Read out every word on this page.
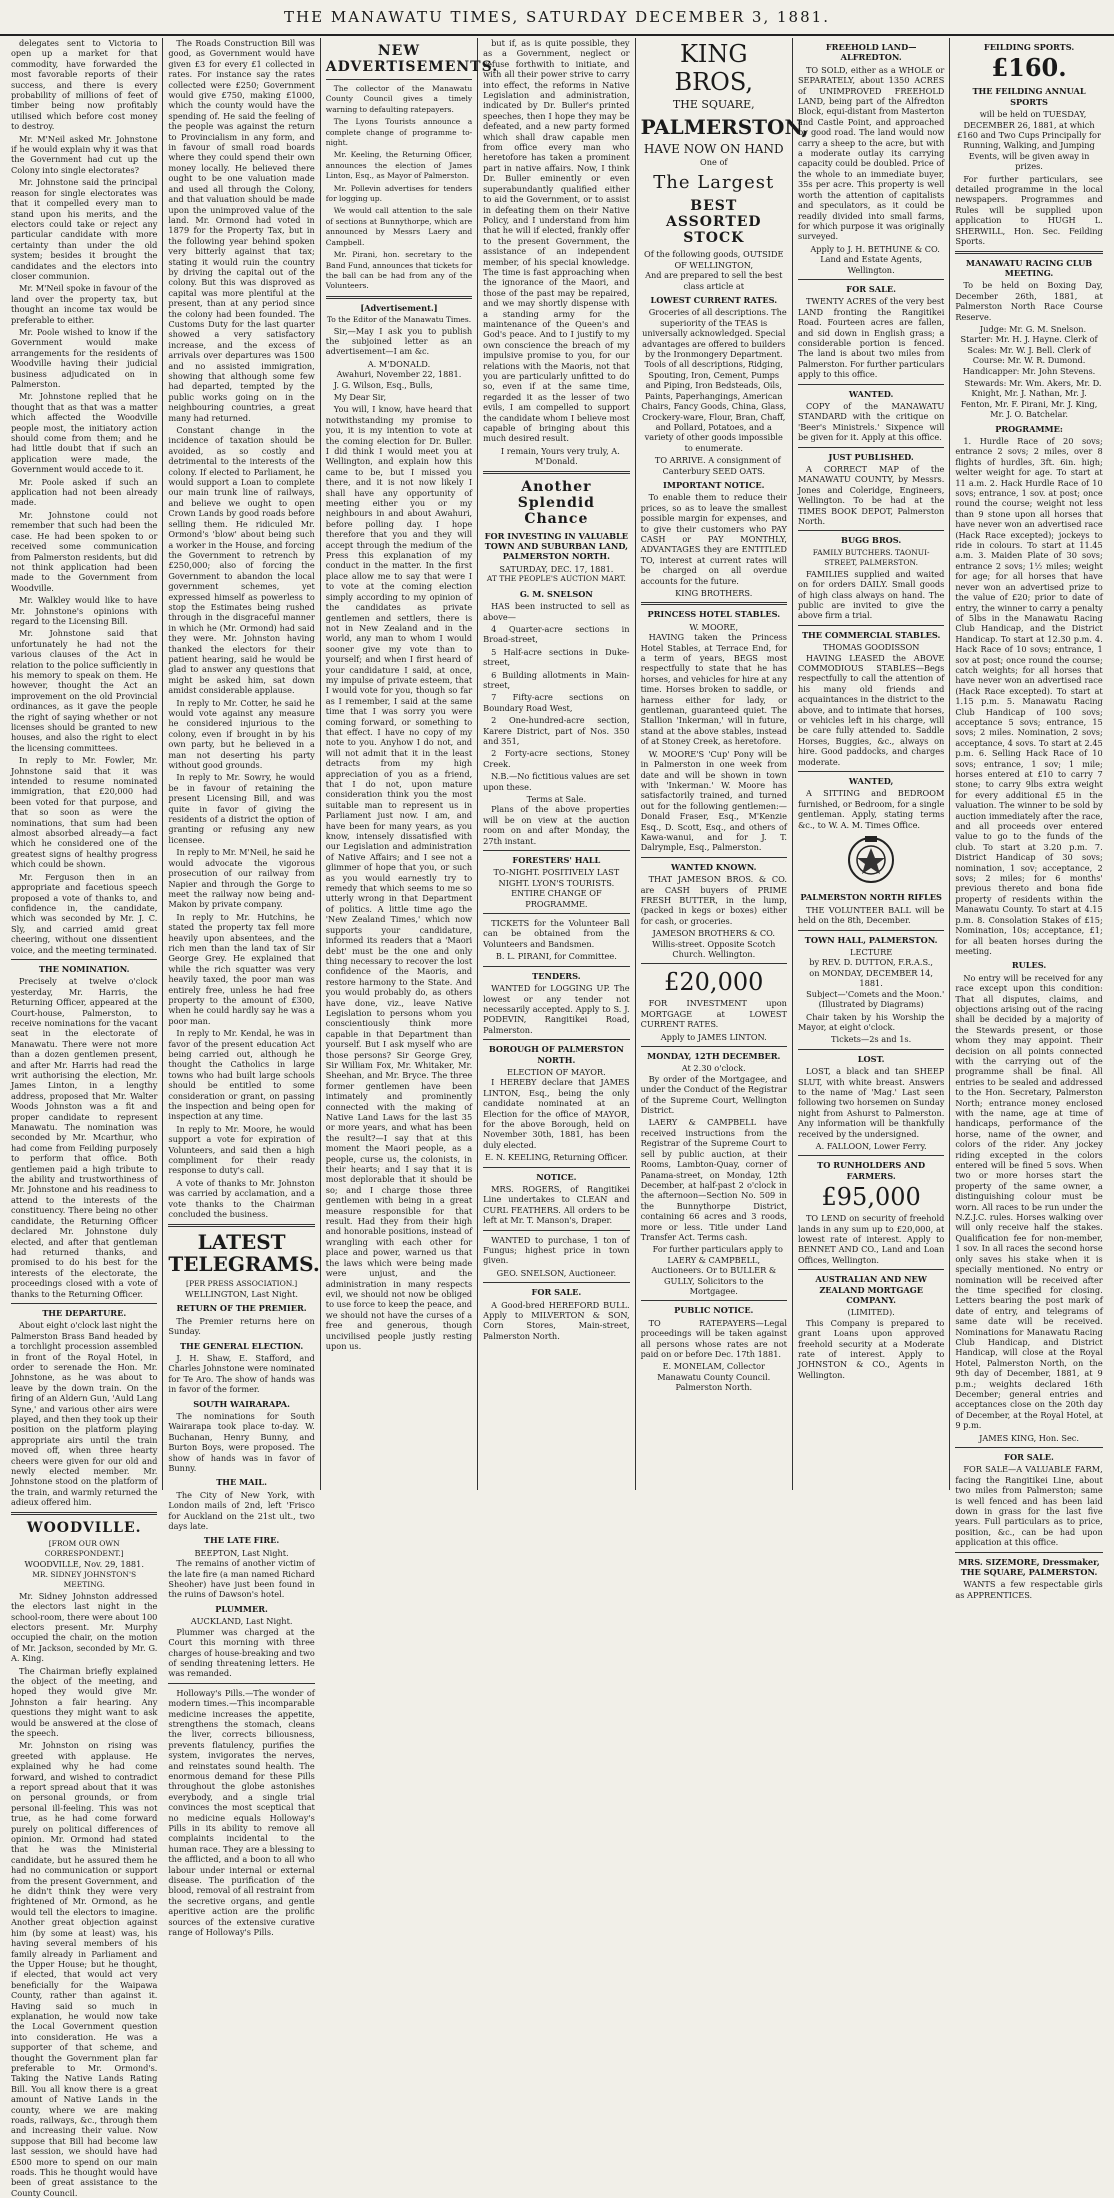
THE MANAWATU TIMES, SATURDAY DECEMBER 3, 1881.

delegates sent to Victoria to open up a market for that commodity, have forwarded the most favorable reports of their success, and there is every probability of millions of feet of timber being now profitably utilised which before cost money to destroy.

Mr. M'Neil asked Mr. Johnstone if he would explain why it was that the Government had cut up the Colony into single electorates?

Mr. Johnstone said the principal reason for single electorates was that it compelled every man to stand upon his merits, and the electors could take or reject any particular candidate with more certainty than under the old system; besides it brought the candidates and the electors into closer communion.

Mr. M'Neil spoke in favour of the land over the property tax, but thought an income tax would be preferable to either.

Mr. Poole wished to know if the Government would make arrangements for the residents of Woodville having their judicial business adjudicated on in Palmerston.

Mr. Johnstone replied that he thought that as that was a matter which affected the Woodville people most, the initiatory action should come from them; and he had little doubt that if such an application were made, the Government would accede to it.

Mr. Poole asked if such an application had not been already made.

Mr. Johnstone could not remember that such had been the case. He had been spoken to or received some communication from Palmerston residents, but did not think application had been made to the Government from Woodville.

Mr. Walkley would like to have Mr. Johnstone's opinions with regard to the Licensing Bill.

Mr. Johnstone said that unfortunately he had not the various clauses of the Act in relation to the police sufficiently in his memory to speak on them. He however, thought the Act an improvement on the old Provincial ordinances, as it gave the people the right of saying whether or not licenses should be granted to new houses, and also the right to elect the licensing committees.

In reply to Mr. Fowler, Mr. Johnstone said that it was intended to resume nominated immigration, that £20,000 had been voted for that purpose, and that so soon as were the nominations, that sum had been almost absorbed already—a fact which he considered one of the greatest signs of healthy progress which could be shown.

Mr. Ferguson then in an appropriate and facetious speech proposed a vote of thanks to, and confidence in, the candidate, which was seconded by Mr. J. C. Sly, and carried amid great cheering, without one dissentient voice, and the meeting terminated.

THE NOMINATION.

Precisely at twelve o'clock yesterday, Mr. Harris, the Returning Officer, appeared at the Court-house, Palmerston, to receive nominations for the vacant seat in the electorate of Manawatu. There were not more than a dozen gentlemen present, and after Mr. Harris had read the writ authorising the election, Mr. James Linton, in a lengthy address, proposed that Mr. Walter Woods Johnston was a fit and proper candidate to represent Manawatu. The nomination was seconded by Mr. Mcarthur, who had come from Feilding purposely to perform that office. Both gentlemen paid a high tribute to the ability and trustworthiness of Mr. Johnstone and his readiness to attend to the interests of the constituency. There being no other candidate, the Returning Officer declared Mr. Johnstone duly elected, and after that gentleman had returned thanks, and promised to do his best for the interests of the electorate, the proceedings closed with a vote of thanks to the Returning Officer.

THE DEPARTURE.

About eight o'clock last night the Palmerston Brass Band headed by a torchlight procession assembled in front of the Royal Hotel, in order to serenade the Hon. Mr. Johnstone, as he was about to leave by the down train. On the firing of an Aldern Gun, 'Auld Lang Syne,' and various other airs were played, and then they took up their position on the platform playing appropriate airs until the train moved off, when three hearty cheers were given for our old and newly elected member. Mr. Johnstone stood on the platform of the train, and warmly returned the adieux offered him.

WOODVILLE.
[FROM OUR OWN CORRESPONDENT.]
WOODVILLE, Nov. 29, 1881.
MR. SIDNEY JOHNSTON'S MEETING.

Mr. Sidney Johnston addressed the electors last night in the school-room, there were about 100 electors present. Mr. Murphy occupied the chair, on the motion of Mr. Jackson, seconded by Mr. G. A. King.

The Chairman briefly explained the object of the meeting, and hoped they would give Mr. Johnston a fair hearing. Any questions they might want to ask would be answered at the close of the speech.

Mr. Johnston on rising was greeted with applause. He explained why he had come forward, and wished to contradict a report spread about that it was on personal grounds, or from personal ill-feeling. This was not true, as he had come forward purely on political differences of opinion. Mr. Ormond had stated that he was the Ministerial candidate, but he assured them he had no communication or support from the present Government, and he didn't think they were very frightened of Mr. Ormond, as he would tell the electors to imagine. Another great objection against him (by some at least) was, his having several members of his family already in Parliament and the Upper House; but he thought, if elected, that would act very beneficially for the Waipawa County, rather than against it. Having said so much in explanation, he would now take the Local Government question into consideration. He was a supporter of that scheme, and thought the Government plan far preferable to Mr. Ormond's. Taking the Native Lands Rating Bill. You all know there is a great amount of Native Lands in the county, where we are making roads, railways, &c., through them and increasing their value. Now suppose that Bill had become law last session, we should have had £500 more to spend on our main roads. This he thought would have been of great assistance to the County Council.

The Roads Construction Bill was good, as Government would have given £3 for every £1 collected in rates. For instance say the rates collected were £250; Government would give £750, making £1000, which the county would have the spending of. He said the feeling of the people was against the return to Provincialism in any form, and in favour of small road boards where they could spend their own money locally. He believed there ought to be one valuation made and used all through the Colony, and that valuation should be made upon the unimproved value of the land. Mr. Ormond had voted in 1879 for the Property Tax, but in the following year behind spoken very bitterly against that tax; stating it would ruin the country by driving the capital out of the colony. But this was disproved as capital was more plentiful at the present, than at any period since the colony had been founded. The Customs Duty for the last quarter showed a very satisfactory increase, and the excess of arrivals over departures was 1500 and no assisted immigration, showing that although some few had departed, tempted by the public works going on in the neighbouring countries, a great many had returned.

Constant change in the incidence of taxation should be avoided, as so costly and detrimental to the interests of the colony. If elected to Parliament, he would support a Loan to complete our main trunk line of railways, and believe we ought to open Crown Lands by good roads before selling them. He ridiculed Mr. Ormond's 'blow' about being such a worker in the House, and forcing the Government to retrench by £250,000; also of forcing the Government to abandon the local government schemes, yet expressed himself as powerless to stop the Estimates being rushed through in the disgraceful manner in which he (Mr. Ormond) had said they were. Mr. Johnston having thanked the electors for their patient hearing, said he would be glad to answer any questions that might be asked him, sat down amidst considerable applause.

In reply to Mr. Cotter, he said he would vote against any measure he considered injurious to the colony, even if brought in by his own party, but he believed in a man not deserting his party without good grounds.

In reply to Mr. Sowry, he would be in favour of retaining the present Licensing Bill, and was quite in favor of giving the residents of a district the option of granting or refusing any new licensee.

In reply to Mr. M'Neil, he said he would advocate the vigorous prosecution of our railway from Napier and through the Gorge to meet the railway now being and-Makon by private company.

In reply to Mr. Hutchins, he stated the property tax fell more heavily upon absentees, and the rich men than the land tax of Sir George Grey. He explained that while the rich squatter was very heavily taxed, the poor man was entirely free, unless he had free property to the amount of £300, when he could hardly say he was a poor man.

In reply to Mr. Kendal, he was in favor of the present education Act being carried out, although he thought the Catholics in large towns who had built large schools should be entitled to some consideration or grant, on passing the inspection and being open for inspection at any time.

In reply to Mr. Moore, he would support a vote for expiration of Volunteers, and said then a high compliment for their ready response to duty's call.

A vote of thanks to Mr. Johnston was carried by acclamation, and a vote thanks to the Chairman concluded the business.

LATEST TELEGRAMS.
[PER PRESS ASSOCIATION.]
WELLINGTON, Last Night.
RETURN OF THE PREMIER.

The Premier returns here on Sunday.

THE GENERAL ELECTION.

J. H. Shaw, E. Stafford, and Charles Johnstone were nominated for Te Aro. The show of hands was in favor of the former.

SOUTH WAIRARAPA.

The nominations for South Wairarapa took place to-day. W. Buchanan, Henry Bunny, and Burton Boys, were proposed. The show of hands was in favor of Bunny.

THE MAIL.

The City of New York, with London mails of 2nd, left 'Frisco for Auckland on the 21st ult., two days late.

THE LATE FIRE.
BEEPTON, Last Night.

The remains of another victim of the late fire (a man named Richard Sheoher) have just been found in the ruins of Dawson's hotel.

PLUMMER.
AUCKLAND, Last Night.

Plummer was charged at the Court this morning with three charges of house-breaking and two of sending threatening letters. He was remanded.

Holloway's Pills.—The wonder of modern times.—This incomparable medicine increases the appetite, strengthens the stomach, cleans the liver, corrects biliousness, prevents flatulency, purifies the system, invigorates the nerves, and reinstates sound health. The enormous demand for these Pills throughout the globe astonishes everybody, and a single trial convinces the most sceptical that no medicine equals Holloway's Pills in its ability to remove all complaints incidental to the human race. They are a blessing to the afflicted, and a boon to all who labour under internal or external disease. The purification of the blood, removal of all restraint from the secretive organs, and gentle aperitive action are the prolific sources of the extensive curative range of Holloway's Pills.

NEW ADVERTISEMENTS.

The collector of the Manawatu County Council gives a timely warning to defaulting ratepayers.

The Lyons Tourists announce a complete change of programme to-night.

Mr. Keeling, the Returning Officer, announces the election of James Linton, Esq., as Mayor of Palmerston.

Mr. Pollevin advertises for tenders for logging up.

We would call attention to the sale of sections at Bunnythorpe, which are announced by Messrs Laery and Campbell.

Mr. Pirani, hon. secretary to the Band Fund, announces that tickets for the ball can be had from any of the Volunteers.

[Advertisement.]
To the Editor of the Manawatu Times.

Sir,—May I ask you to publish the subjoined letter as an advertisement—I am &c.

A. M'DONALD.
Awahuri, November 22, 1881.

J. G. Wilson, Esq., Bulls,

My Dear Sir,

You will, I know, have heard that notwithstanding my promise to you, it is my intention to vote at the coming election for Dr. Buller. I did think I would meet you at Wellington, and explain how this came to be, but I missed you there, and it is not now likely I shall have any opportunity of meeting either you or my neighbours in and about Awahuri, before polling day. I hope therefore that you and they will accept through the medium of the Press this explanation of my conduct in the matter. In the first place allow me to say that were I to vote at the coming election simply according to my opinion of the candidates as private gentlemen and settlers, there is not in New Zealand and in the world, any man to whom I would sooner give my vote than to yourself; and when I first heard of your candidature I said, at once, my impulse of private esteem, that I would vote for you, though so far as I remember, I said at the same time that I was sorry you were coming forward, or something to that effect. I have no copy of my note to you. Anyhow I do not, and will not admit that it in the least detracts from my high appreciation of you as a friend, that I do not, upon mature consideration think you the most suitable man to represent us in Parliament just now. I am, and have been for many years, as you know, intensely dissatisfied with our Legislation and administration of Native Affairs; and I see not a glimmer of hope that you, or such as you would earnestly try to remedy that which seems to me so utterly wrong in that Department of politics. A little time ago the 'New Zealand Times,' which now supports your candidature, informed its readers that a 'Maori debt' must be the one and only thing necessary to recover the lost confidence of the Maoris, and restore harmony to the State. And you would probably do, as others have done, viz., leave Native Legislation to persons whom you conscientiously think more capable in that Department than yourself. But I ask myself who are those persons? Sir George Grey, Sir William Fox, Mr. Whitaker, Mr. Sheehan, and Mr. Bryce. The three former gentlemen have been intimately and prominently connected with the making of Native Land Laws for the last 35 or more years, and what has been the result?—I say that at this moment the Maori people, as a people, curse us, the colonists, in their hearts; and I say that it is most deplorable that it should be so; and I charge those three gentlemen with being in a great measure responsible for that result. Had they from their high and honorable positions, instead of wrangling with each other for place and power, warned us that the laws which were being made were unjust, and the administration in many respects evil, we should not now be obliged to use force to keep the peace, and we should not have the curses of a free and generous, though uncivilised people justly resting upon us.

but if, as is quite possible, they as a Government, neglect or refuse forthwith to initiate, and with all their power strive to carry into effect, the reforms in Native Legislation and administration, indicated by Dr. Buller's printed speeches, then I hope they may be defeated, and a new party formed which shall draw capable men from office every man who heretofore has taken a prominent part in native affairs. Now, I think Dr. Buller eminently or even superabundantly qualified either to aid the Government, or to assist in defeating them on their Native Policy, and I understand from him that he will if elected, frankly offer to the present Government, the assistance of an independent member, of his special knowledge. The time is fast approaching when the ignorance of the Maori, and those of the past may be repaired, and we may shortly dispense with a standing army for the maintenance of the Queen's and God's peace. And to I justify to my own conscience the breach of my impulsive promise to you, for our relations with the Maoris, not that you are particularly unfitted to do so, even if at the same time, regarded it as the lesser of two evils, I am compelled to support the candidate whom I believe most capable of bringing about this much desired result.

I remain, Yours very truly, A. M'Donald.

Another Splendid Chance
FOR INVESTING IN VALUABLE TOWN AND SUBURBAN LAND, PALMERSTON NORTH.
SATURDAY, DEC. 17, 1881.
AT THE PEOPLE'S AUCTION MART.
G. M. SNELSON

HAS been instructed to sell as above—

4 Quarter-acre sections in Broad-street,

5 Half-acre sections in Duke-street,

6 Building allotments in Main-street,

7 Fifty-acre sections on Boundary Road West,

2 One-hundred-acre section, Karere District, part of Nos. 350 and 351,

2 Forty-acre sections, Stoney Creek.

N.B.—No fictitious values are set upon these.

Terms at Sale.

Plans of the above properties will be on view at the auction room on and after Monday, the 27th instant.

FORESTERS' HALL
TO-NIGHT. POSITIVELY LAST NIGHT. LYON'S TOURISTS. ENTIRE CHANGE OF PROGRAMME.

TICKETS for the Volunteer Ball can be obtained from the Volunteers and Bandsmen.

B. L. PIRANI, for Committee.
TENDERS.

WANTED for LOGGING UP. The lowest or any tender not necessarily accepted. Apply to S. J. PODEVIN, Rangitikei Road, Palmerston.

BOROUGH OF PALMERSTON NORTH.
ELECTION OF MAYOR.

I HEREBY declare that JAMES LINTON, Esq., being the only candidate nominated at an Election for the office of MAYOR, for the above Borough, held on November 30th, 1881, has been duly elected.

E. N. KEELING, Returning Officer.
NOTICE.

MRS. ROGERS, of Rangitikei Line undertakes to CLEAN and CURL FEATHERS. All orders to be left at Mr. T. Manson's, Draper.

WANTED to purchase, 1 ton of Fungus; highest price in town given.

GEO. SNELSON, Auctioneer.
FOR SALE.

A Good-bred HEREFORD BULL. Apply to MILVERTON & SON, Corn Stores, Main-street, Palmerston North.

KING BROS,
THE SQUARE,
PALMERSTON,
HAVE NOW ON HAND
One of
The Largest
BEST ASSORTED STOCK
Of the following goods, OUTSIDE OF WELLINGTON,
And are prepared to sell the best class article at
LOWEST CURRENT RATES.

Groceries of all descriptions. The superiority of the TEAS is universally acknowledged. Special advantages are offered to builders by the Ironmongery Department. Tools of all descriptions, Ridging, Spouting, Iron, Cement, Pumps and Piping, Iron Bedsteads, Oils, Paints, Paperhangings, American Chairs, Fancy Goods, China, Glass, Crockery-ware, Flour, Bran, Chaff, and Pollard, Potatoes, and a variety of other goods impossible to enumerate.

TO ARRIVE. A consignment of Canterbury SEED OATS.

IMPORTANT NOTICE.

To enable them to reduce their prices, so as to leave the smallest possible margin for expenses, and to give their customers who PAY CASH or PAY MONTHLY, ADVANTAGES they are ENTITLED TO, interest at current rates will be charged on all overdue accounts for the future.

KING BROTHERS.
PRINCESS HOTEL STABLES.
W. MOORE,

HAVING taken the Princess Hotel Stables, at Terrace End, for a term of years, BEGS most respectfully to state that he has horses, and vehicles for hire at any time. Horses broken to saddle, or harness either for lady, or gentleman, guaranteed quiet. The Stallion 'Inkerman,' will in future, stand at the above stables, instead of at Stoney Creek, as heretofore.

W. MOORE'S 'Cup' Pony will be in Palmerston in one week from date and will be shown in town with 'Inkerman.' W. Moore has satisfactorily trained, and turned out for the following gentlemen:—Donald Fraser, Esq., M'Kenzie Esq., D. Scott, Esq., and others of Kawa-wanui, and for J. T. Dalrymple, Esq., Palmerston.

WANTED KNOWN.

THAT JAMESON BROS. & CO. are CASH buyers of PRIME FRESH BUTTER, in the lump, (packed in kegs or boxes) either for cash, or groceries.

JAMESON BROTHERS & CO. Willis-street. Opposite Scotch Church. Wellington.
£20,000

FOR INVESTMENT upon MORTGAGE at LOWEST CURRENT RATES.

Apply to JAMES LINTON.
MONDAY, 12TH DECEMBER.
At 2.30 o'clock.

By order of the Mortgagee, and under the Conduct of the Registrar of the Supreme Court, Wellington District.

LAERY & CAMPBELL have received instructions from the Registrar of the Supreme Court to sell by public auction, at their Rooms, Lambton-Quay, corner of Panama-street, on Monday, 12th December, at half-past 2 o'clock in the afternoon—Section No. 509 in the Bunnythorpe District, containing 66 acres and 3 roods, more or less. Title under Land Transfer Act. Terms cash.

For further particulars apply to LAERY & CAMPBELL, Auctioneers. Or to BULLER & GULLY, Solicitors to the Mortgagee.

PUBLIC NOTICE.

TO RATEPAYERS—Legal proceedings will be taken against all persons whose rates are not paid on or before Dec. 17th 1881.

E. MONELAM, Collector Manawatu County Council. Palmerston North.
FREEHOLD LAND—ALFREDTON.

TO SOLD, either as a WHOLE or SEPARATELY, about 1350 ACRES of UNIMPROVED FREEHOLD LAND, being part of the Alfredton Block, equi-distant from Masterton and Castle Point, and approached by good road. The land would now carry a sheep to the acre, but with a moderate outlay its carrying capacity could be doubled. Price of the whole to an immediate buyer, 35s per acre. This property is well worth the attention of capitalists and speculators, as it could be readily divided into small farms, for which purpose it was originally surveyed.

Apply to J. H. BETHUNE & CO. Land and Estate Agents, Wellington.

FOR SALE.

TWENTY ACRES of the very best LAND fronting the Rangitikei Road. Fourteen acres are fallen, and sid down in English grass; a considerable portion is fenced. The land is about two miles from Palmerston. For further particulars apply to this office.

WANTED.

COPY of the MANAWATU STANDARD with the critique on 'Beer's Ministrels.' Sixpence will be given for it. Apply at this office.

JUST PUBLISHED.

A CORRECT MAP of the MANAWATU COUNTY, by Messrs. Jones and Coleridge, Engineers, Wellington. To be had at the TIMES BOOK DEPOT, Palmerston North.

BUGG BROS.
FAMILY BUTCHERS. TAONUI-STREET, PALMERSTON.

FAMILIES supplied and waited on for orders DAILY. Small goods of high class always on hand. The public are invited to give the above firm a trial.

THE COMMERCIAL STABLES.
THOMAS GOODISSON

HAVING LEASED the ABOVE COMMODIOUS STABLES—Begs respectfully to call the attention of his many old friends and acquaintances in the district to the above, and to intimate that horses, or vehicles left in his charge, will be care fully attended to. Saddle Horses, Buggies, &c., always on hire. Good paddocks, and charges moderate.

WANTED,

A SITTING and BEDROOM furnished, or Bedroom, for a single gentleman. Apply, stating terms &c., to W. A. M. Times Office.

PALMERSTON NORTH RIFLES

THE VOLUNTEER BALL will be held on the 8th, December.

TOWN HALL, PALMERSTON.
LECTURE
by REV. D. DUTTON, F.R.A.S.,
on MONDAY, DECEMBER 14, 1881.

Subject—'Comets and the Moon.' (Illustrated by Diagrams)

Chair taken by his Worship the Mayor, at eight o'clock.

Tickets—2s and 1s.
LOST.

LOST, a black and tan SHEEP SLUT, with white breast. Answers to the name of 'Mag.' Last seen following two horsemen on Sunday night from Ashurst to Palmerston. Any information will be thankfully received by the undersigned.

A. FALLOON, Lower Ferry.
TO RUNHOLDERS AND FARMERS.
£95,000

TO LEND on security of freehold lands in any sum up to £20,000, at lowest rate of interest. Apply to BENNET AND CO., Land and Loan Offices, Wellington.

AUSTRALIAN AND NEW ZEALAND MORTGAGE COMPANY.
(LIMITED).

This Company is prepared to grant Loans upon approved freehold security at a Moderate rate of interest. Apply to JOHNSTON & CO., Agents in Wellington.

FEILDING SPORTS.
£160.
THE FEILDING ANNUAL SPORTS

will be held on TUESDAY, DECEMBER 26, 1881, at which £160 and Two Cups Principally for Running, Walking, and Jumping Events, will be given away in prizes.

For further particulars, see detailed programme in the local newspapers. Programmes and Rules will be supplied upon application to HUGH L. SHERWILL, Hon. Sec. Feilding Sports.

MANAWATU RACING CLUB MEETING.

To be held on Boxing Day, December 26th, 1881, at Palmerston North Race Course Reserve.

Judge: Mr. G. M. Snelson. Starter: Mr. H. J. Hayne. Clerk of Scales: Mr. W. J. Bell. Clerk of Course: Mr. W. R. Dumond. Handicapper: Mr. John Stevens.

Stewards: Mr. Wm. Akers, Mr. D. Knight, Mr. J. Nathan, Mr. J. Fenton, Mr. F. Pirani, Mr. J. King, Mr. J. O. Batchelar.

PROGRAMME:

1. Hurdle Race of 20 sovs; entrance 2 sovs; 2 miles, over 8 flights of hurdles, 3ft. 6in. high; welter weight for age. To start at 11 a.m. 2. Hack Hurdle Race of 10 sovs; entrance, 1 sov. at post; once round the course; weight not less than 9 stone upon all horses that have never won an advertised race (Hack Race excepted); jockeys to ride in colours. To start at 11.45 a.m. 3. Maiden Plate of 30 sovs; entrance 2 sovs; 1½ miles; weight for age; for all horses that have never won an advertised prize to the value of £20; prior to date of entry, the winner to carry a penalty of 5lbs in the Manawatu Racing Club Handicap, and the District Handicap. To start at 12.30 p.m. 4. Hack Race of 10 sovs; entrance, 1 sov at post; once round the course; catch weights; for all horses that have never won an advertised race (Hack Race excepted). To start at 1.15 p.m. 5. Manawatu Racing Club Handicap of 100 sovs; acceptance 5 sovs; entrance, 15 sovs; 2 miles. Nomination, 2 sovs; acceptance, 4 sovs. To start at 2.45 p.m. 6. Selling Hack Race of 10 sovs; entrance, 1 sov; 1 mile; horses entered at £10 to carry 7 stone; to carry 9lbs extra weight for every additional £5 in the valuation. The winner to be sold by auction immediately after the race, and all proceeds over entered value to go to the funds of the club. To start at 3.20 p.m. 7. District Handicap of 30 sovs; nomination, 1 sov; acceptance, 2 sovs; 2 miles; for 6 months' previous thereto and bona fide property of residents within the Manawatu County. To start at 4.15 p.m. 8. Consolation Stakes of £15; Nomination, 10s; acceptance, £1; for all beaten horses during the meeting.

RULES.

No entry will be received for any race except upon this condition: That all disputes, claims, and objections arising out of the racing shall be decided by a majority of the Stewards present, or those whom they may appoint. Their decision on all points connected with the carrying out of the programme shall be final. All entries to be sealed and addressed to the Hon. Secretary, Palmerston North; entrance money enclosed with the name, age at time of handicaps, performance of the horse, name of the owner, and colors of the rider. Any jockey riding excepted in the colors entered will be fined 5 sovs. When two or more horses start the property of the same owner, a distinguishing colour must be worn. All races to be run under the N.Z.J.C. rules. Horses walking over will only receive half the stakes. Qualification fee for non-member, 1 sov. In all races the second horse only saves his stake when it is specially mentioned. No entry or nomination will be received after the time specified for closing. Letters bearing the post mark of date of entry, and telegrams of same date will be received. Nominations for Manawatu Racing Club Handicap, and District Handicap, will close at the Royal Hotel, Palmerston North, on the 9th day of December, 1881, at 9 p.m.; weights declared 16th December; general entries and acceptances close on the 20th day of December, at the Royal Hotel, at 9 p.m.

JAMES KING, Hon. Sec.
FOR SALE.

FOR SALE—A VALUABLE FARM, facing the Rangitikei Line, about two miles from Palmerston; same is well fenced and has been laid down in grass for the last five years. Full particulars as to price, position, &c., can be had upon application at this office.

MRS. SIZEMORE, Dressmaker, THE SQUARE, PALMERSTON.

WANTS a few respectable girls as APPRENTICES.
